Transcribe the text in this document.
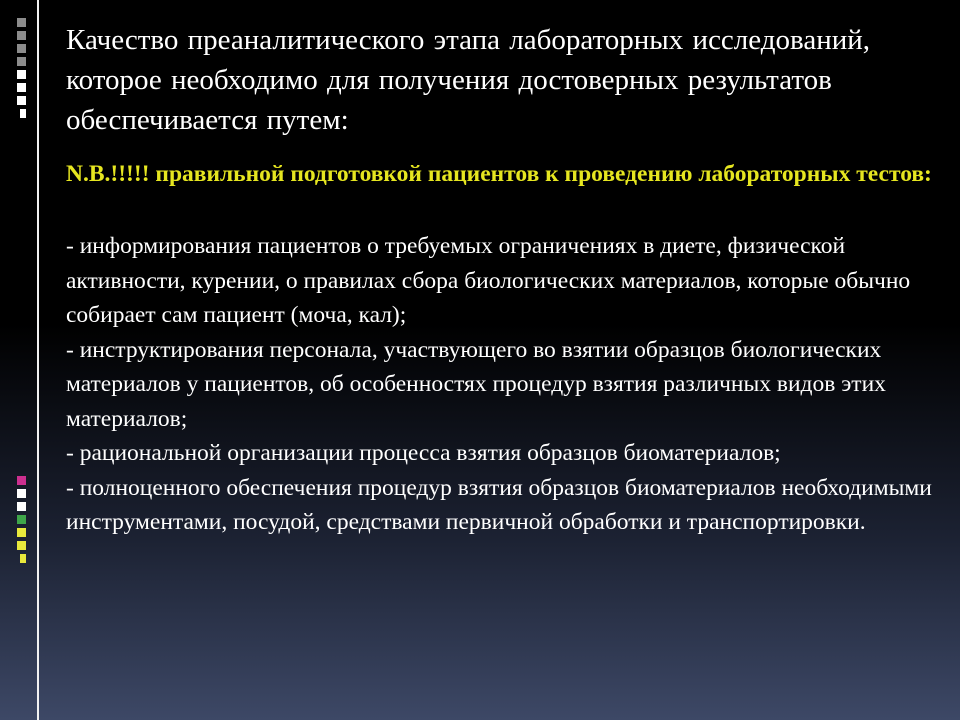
Качество преаналитического этапа лабораторных исследований, которое необходимо для получения достоверных результатов обеспечивается путем:

N.B.!!!!! правильной подготовкой пациентов к проведению лабораторных тестов:

- информирования пациентов о требуемых ограничениях в диете, физической активности, курении, о правилах сбора биологических материалов, которые обычно собирает сам пациент (моча, кал);
- инструктирования персонала, участвующего во взятии образцов биологических материалов у пациентов, об особенностях процедур взятия различных видов этих материалов;
- рациональной организации процесса взятия образцов биоматериалов;
- полноценного обеспечения процедур взятия образцов биоматериалов необходимыми инструментами, посудой, средствами первичной обработки и транспортировки.
